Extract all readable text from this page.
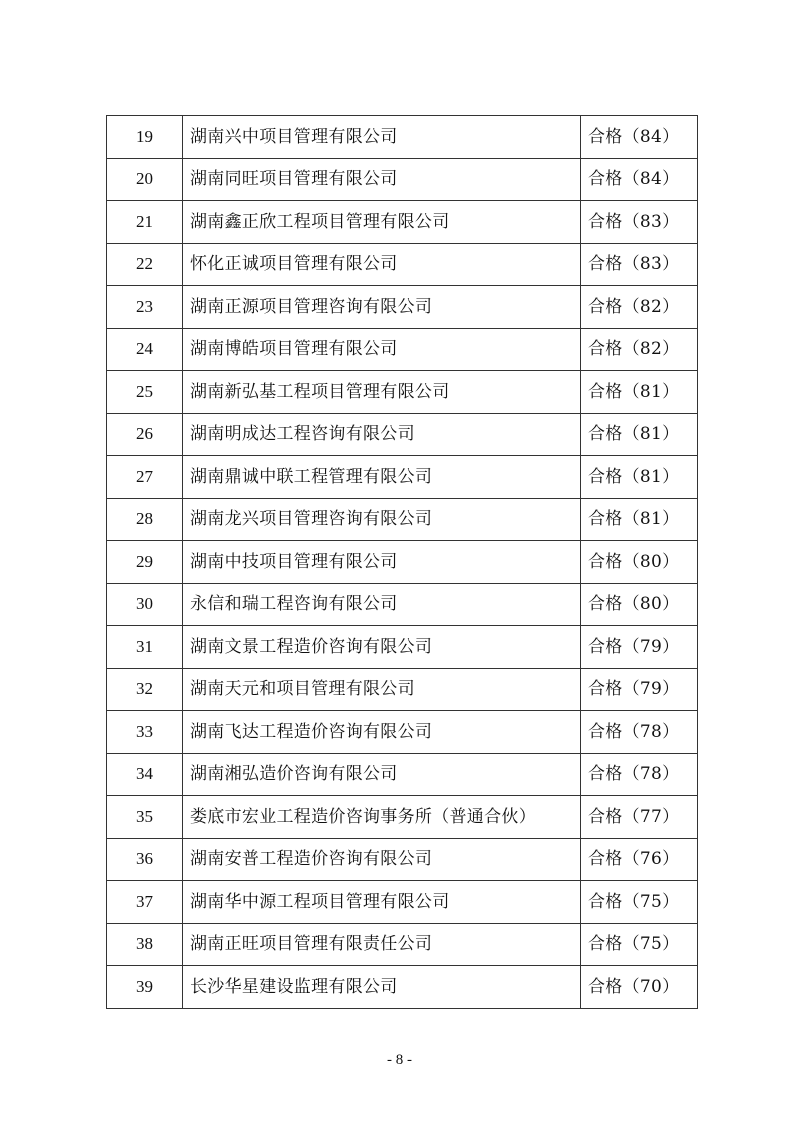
19	湖南兴中项目管理有限公司	合格（84）
20	湖南同旺项目管理有限公司	合格（84）
21	湖南鑫正欣工程项目管理有限公司	合格（83）
22	怀化正诚项目管理有限公司	合格（83）
23	湖南正源项目管理咨询有限公司	合格（82）
24	湖南博皓项目管理有限公司	合格（82）
25	湖南新弘基工程项目管理有限公司	合格（81）
26	湖南明成达工程咨询有限公司	合格（81）
27	湖南鼎诚中联工程管理有限公司	合格（81）
28	湖南龙兴项目管理咨询有限公司	合格（81）
29	湖南中技项目管理有限公司	合格（80）
30	永信和瑞工程咨询有限公司	合格（80）
31	湖南文景工程造价咨询有限公司	合格（79）
32	湖南天元和项目管理有限公司	合格（79）
33	湖南飞达工程造价咨询有限公司	合格（78）
34	湖南湘弘造价咨询有限公司	合格（78）
35	娄底市宏业工程造价咨询事务所（普通合伙）	合格（77）
36	湖南安普工程造价咨询有限公司	合格（76）
37	湖南华中源工程项目管理有限公司	合格（75）
38	湖南正旺项目管理有限责任公司	合格（75）
39	长沙华星建设监理有限公司	合格（70）
- 8 -
